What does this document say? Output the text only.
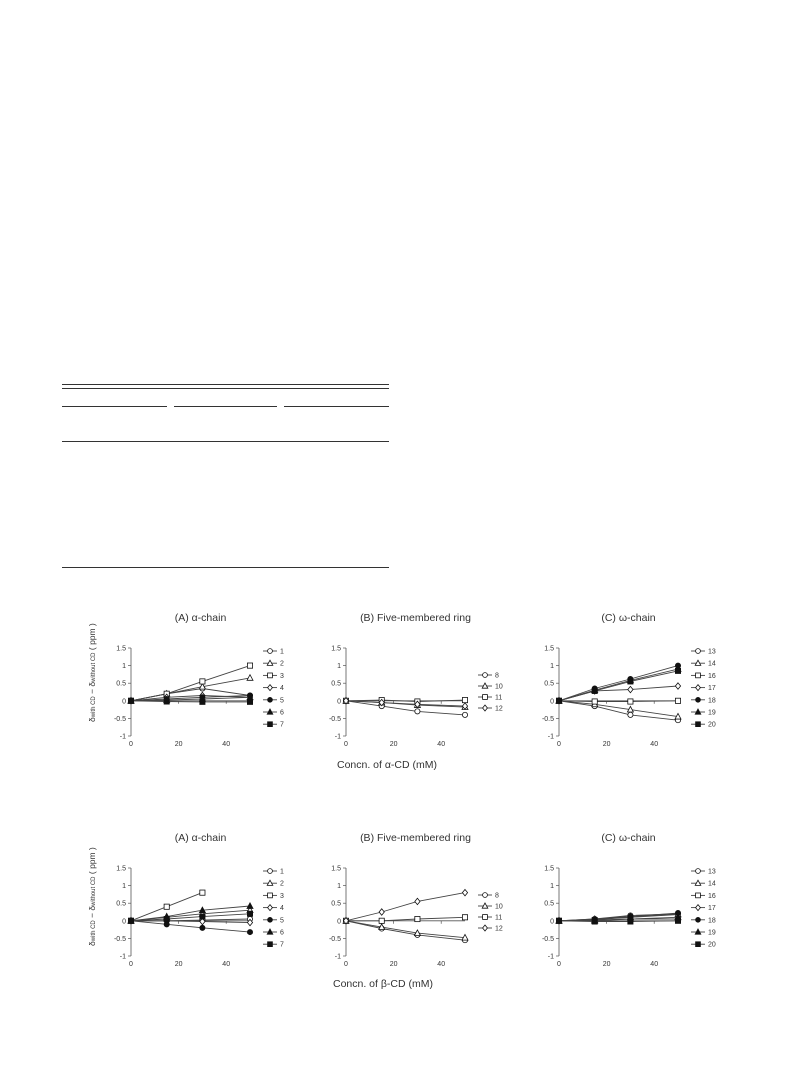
(A) α-chain
1.5
1
0.5
0
-0.5
-1
0	20	40
1
2
3
4
5
6
7
(B) Five-membered ring
1.5
1
0.5
0
-0.5
-1
0	20	40
8
10
11
12
(C) ω-chain
1.5
1
0.5
0
-0.5
-1
0	20	40
13
14
16
17
18
19
20
δwith CD − δwithout CD ( ppm )
Concn. of α-CD (mM)
(A) α-chain
1.5
1
0.5
0
-0.5
-1
0	20	40
1
2
3
4
5
6
7
(B) Five-membered ring
1.5
1
0.5
0
-0.5
-1
0	20	40
8
10
11
12
(C) ω-chain
1.5
1
0.5
0
-0.5
-1
0	20	40
13
14
16
17
18
19
20
δwith CD − δwithout CD ( ppm )
Concn. of β-CD (mM)
